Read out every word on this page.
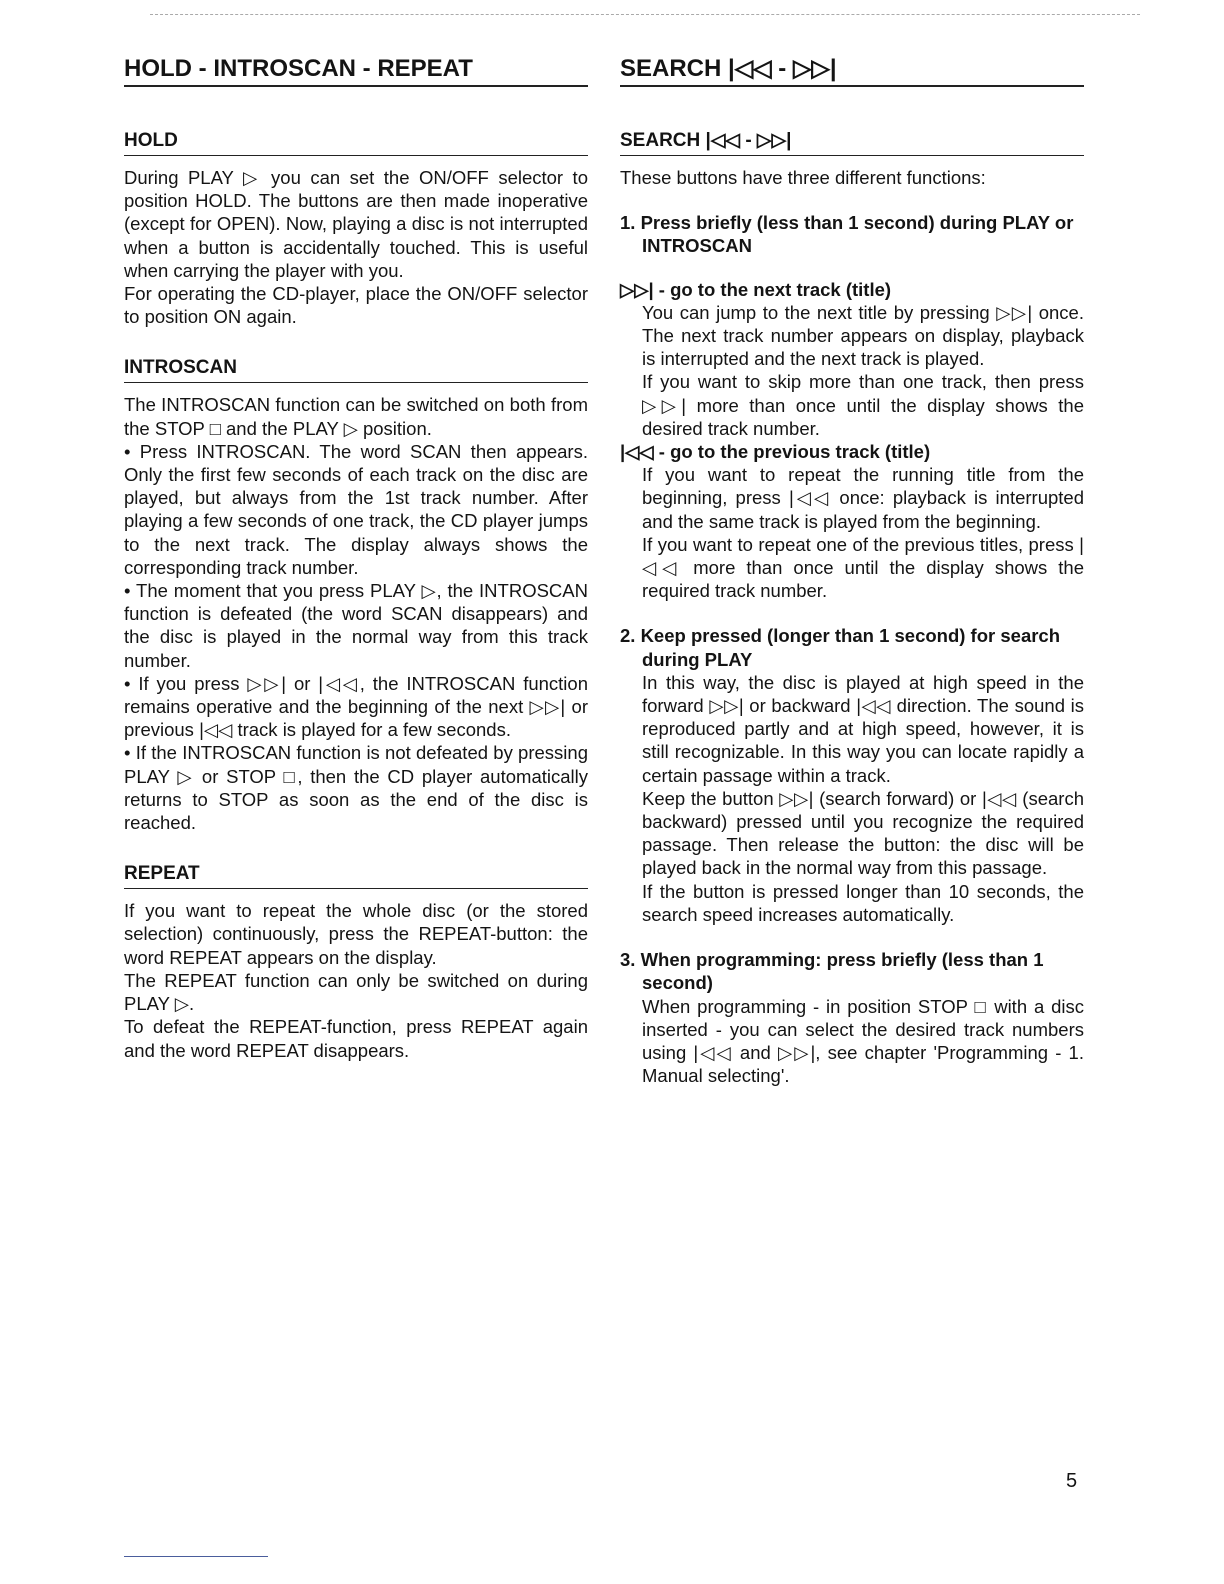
HOLD - INTROSCAN - REPEAT
HOLD

During PLAY ▷ you can set the ON/OFF selector to position HOLD. The buttons are then made inoperative (except for OPEN). Now, playing a disc is not interrupted when a button is accidentally touched. This is useful when carrying the player with you.

For operating the CD-player, place the ON/OFF selector to position ON again.

INTROSCAN

The INTROSCAN function can be switched on both from the STOP □ and the PLAY ▷ position.

• Press INTROSCAN. The word SCAN then appears. Only the first few seconds of each track on the disc are played, but always from the 1st track number. After playing a few seconds of one track, the CD player jumps to the next track. The display always shows the corresponding track number.

• The moment that you press PLAY ▷, the INTROSCAN function is defeated (the word SCAN disappears) and the disc is played in the normal way from this track number.

• If you press ▷▷| or |◁◁, the INTROSCAN function remains operative and the beginning of the next ▷▷| or previous |◁◁ track is played for a few seconds.

• If the INTROSCAN function is not defeated by pressing PLAY ▷ or STOP □, then the CD player automatically returns to STOP as soon as the end of the disc is reached.

REPEAT

If you want to repeat the whole disc (or the stored selection) continuously, press the REPEAT-button: the word REPEAT appears on the display.

The REPEAT function can only be switched on during PLAY ▷.

To defeat the REPEAT-function, press REPEAT again and the word REPEAT disappears.

SEARCH |◁◁ - ▷▷|
SEARCH |◁◁ - ▷▷|

These buttons have three different functions:

1. Press briefly (less than 1 second) during PLAY or INTROSCAN
▷▷| - go to the next track (title)

You can jump to the next title by pressing ▷▷| once. The next track number appears on display, playback is interrupted and the next track is played.

If you want to skip more than one track, then press ▷▷| more than once until the display shows the desired track number.

|◁◁ - go to the previous track (title)

If you want to repeat the running title from the beginning, press |◁◁ once: playback is interrupted and the same track is played from the beginning.

If you want to repeat one of the previous titles, press |◁◁ more than once until the display shows the required track number.

2. Keep pressed (longer than 1 second) for search during PLAY

In this way, the disc is played at high speed in the forward ▷▷| or backward |◁◁ direction. The sound is reproduced partly and at high speed, however, it is still recognizable. In this way you can locate rapidly a certain passage within a track.

Keep the button ▷▷| (search forward) or |◁◁ (search backward) pressed until you recognize the required passage. Then release the button: the disc will be played back in the normal way from this passage.

If the button is pressed longer than 10 seconds, the search speed increases automatically.

3. When programming: press briefly (less than 1 second)

When programming - in position STOP □ with a disc inserted - you can select the desired track numbers using |◁◁ and ▷▷|, see chapter 'Programming - 1. Manual selecting'.

5
